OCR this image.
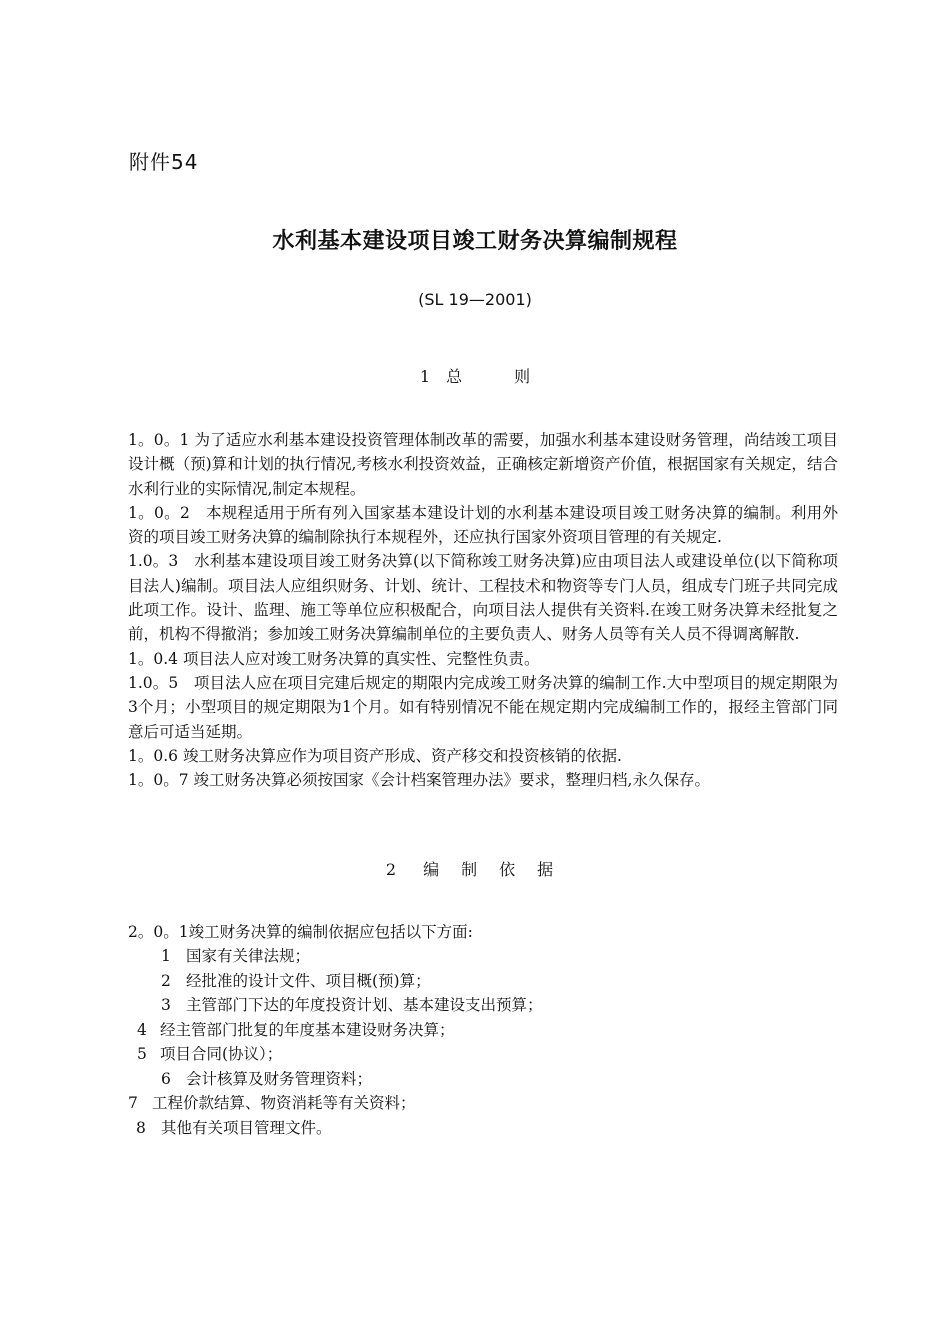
附件54
水利基本建设项目竣工财务决算编制规程
(SL 19—2001)
1 总	则

1。0。1 为了适应水利基本建设投资管理体制改革的需要，加强水利基本建设财务管理，尚结竣工项目设计概（预)算和计划的执行情况,考核水利投资效益，正确核定新增资产价值，根据国家有关规定，结合水利行业的实际情况,制定本规程。

1。0。2　本规程适用于所有列入国家基本建设计划的水利基本建设项目竣工财务决算的编制。利用外资的项目竣工财务决算的编制除执行本规程外，还应执行国家外资项目管理的有关规定.

1.0。3　水利基本建设项目竣工财务决算(以下简称竣工财务决算)应由项目法人或建设单位(以下简称项目法人)编制。项目法人应组织财务、计划、统计、工程技术和物资等专门人员，组成专门班子共同完成此项工作。设计、监理、施工等单位应积极配合，向项目法人提供有关资料.在竣工财务决算未经批复之前，机构不得撤消；参加竣工财务决算编制单位的主要负责人、财务人员等有关人员不得调离解散.

1。0.4 项目法人应对竣工财务决算的真实性、完整性负责。

1.0。5　项目法人应在项目完建后规定的期限内完成竣工财务决算的编制工作.大中型项目的规定期限为3个月；小型项目的规定期限为1个月。如有特别情况不能在规定期内完成编制工作的，报经主管部门同意后可适当延期。

1。0.6 竣工财务决算应作为项目资产形成、资产移交和投资核销的依据.

1。0。7 竣工财务决算必须按国家《会计档案管理办法》要求，整理归档,永久保存。

2 编 制 依 据
2。0。1竣工财务决算的编制依据应包括以下方面:
1 国家有关律法规；
2 经批准的设计文件、项目概(预)算；
3 主管部门下达的年度投资计划、基本建设支出预算；
4 经主管部门批复的年度基本建设财务决算；
5 项目合同(协议）；
6 会计核算及财务管理资料；
7 工程价款结算、物资消耗等有关资料；
8 其他有关项目管理文件。
